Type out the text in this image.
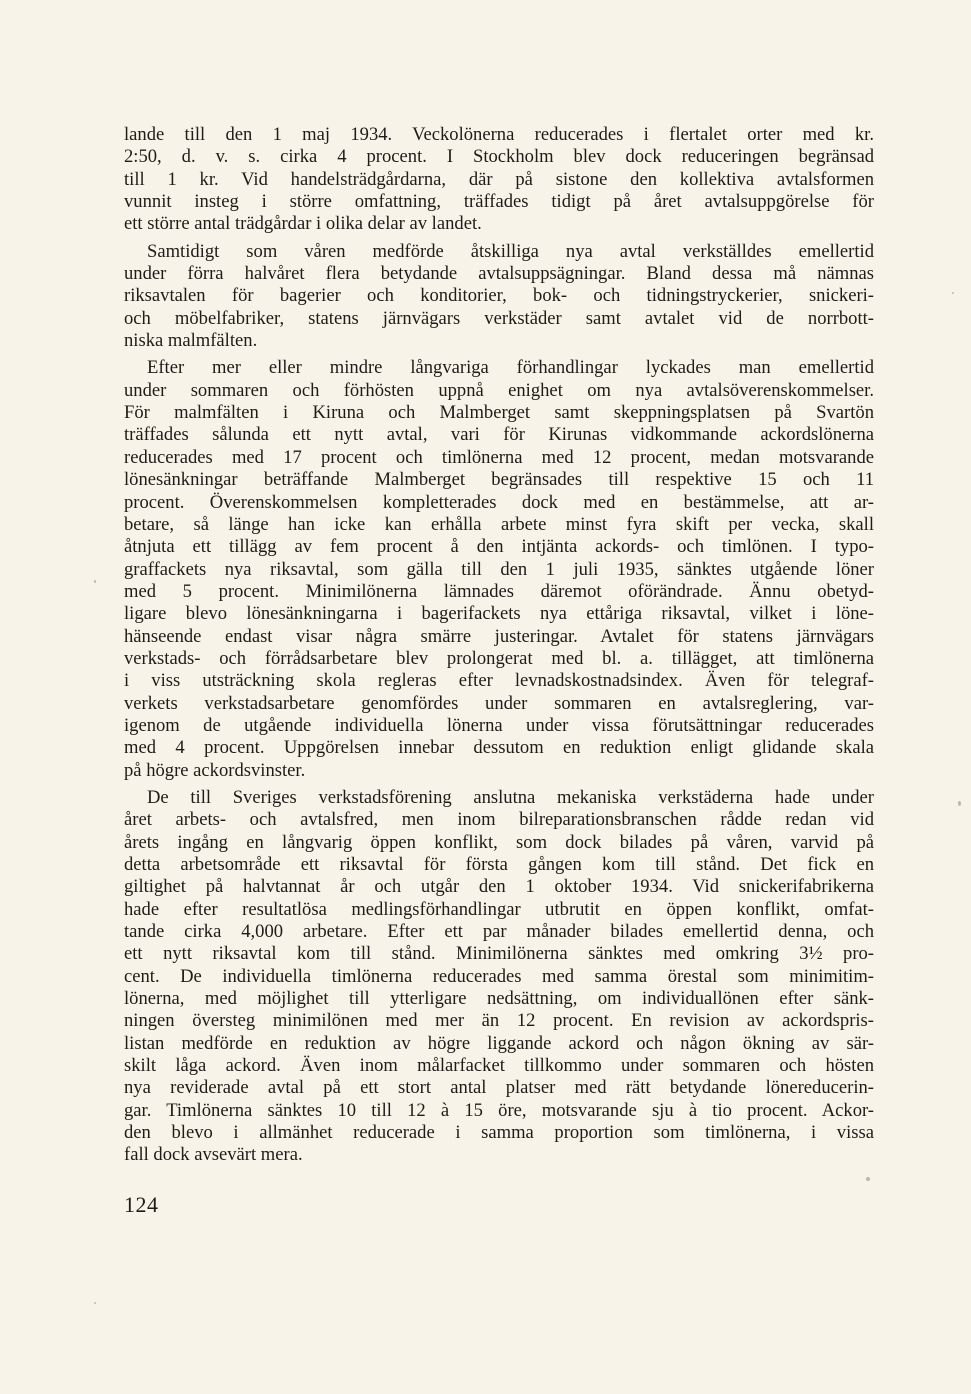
lande till den 1 maj 1934. Veckolönerna reducerades i flertalet orter med kr.
2:50, d. v. s. cirka 4 procent. I Stockholm blev dock reduceringen begränsad
till 1 kr. Vid handelsträdgårdarna, där på sistone den kollektiva avtalsformen
vunnit insteg i större omfattning, träffades tidigt på året avtalsuppgörelse för
ett större antal trädgårdar i olika delar av landet.
Samtidigt som våren medförde åtskilliga nya avtal verkställdes emellertid
under förra halvåret flera betydande avtalsuppsägningar. Bland dessa må nämnas
riksavtalen för bagerier och konditorier, bok- och tidningstryckerier, snickeri-
och möbelfabriker, statens järnvägars verkstäder samt avtalet vid de norrbott-
niska malmfälten.
Efter mer eller mindre långvariga förhandlingar lyckades man emellertid
under sommaren och förhösten uppnå enighet om nya avtalsöverenskommelser.
För malmfälten i Kiruna och Malmberget samt skeppningsplatsen på Svartön
träffades sålunda ett nytt avtal, vari för Kirunas vidkommande ackordslönerna
reducerades med 17 procent och timlönerna med 12 procent, medan motsvarande
lönesänkningar beträffande Malmberget begränsades till respektive 15 och 11
procent. Överenskommelsen kompletterades dock med en bestämmelse, att ar-
betare, så länge han icke kan erhålla arbete minst fyra skift per vecka, skall
åtnjuta ett tillägg av fem procent å den intjänta ackords- och timlönen. I typo-
graffackets nya riksavtal, som gälla till den 1 juli 1935, sänktes utgående löner
med 5 procent. Minimilönerna lämnades däremot oförändrade. Ännu obetyd-
ligare blevo lönesänkningarna i bagerifackets nya ettåriga riksavtal, vilket i löne-
hänseende endast visar några smärre justeringar. Avtalet för statens järnvägars
verkstads- och förrådsarbetare blev prolongerat med bl. a. tillägget, att timlönerna
i viss utsträckning skola regleras efter levnadskostnadsindex. Även för telegraf-
verkets verkstadsarbetare genomfördes under sommaren en avtalsreglering, var-
igenom de utgående individuella lönerna under vissa förutsättningar reducerades
med 4 procent. Uppgörelsen innebar dessutom en reduktion enligt glidande skala
på högre ackordsvinster.
De till Sveriges verkstadsförening anslutna mekaniska verkstäderna hade under
året arbets- och avtalsfred, men inom bilreparationsbranschen rådde redan vid
årets ingång en långvarig öppen konflikt, som dock bilades på våren, varvid på
detta arbetsområde ett riksavtal för första gången kom till stånd. Det fick en
giltighet på halvtannat år och utgår den 1 oktober 1934. Vid snickerifabrikerna
hade efter resultatlösa medlingsförhandlingar utbrutit en öppen konflikt, omfat-
tande cirka 4,000 arbetare. Efter ett par månader bilades emellertid denna, och
ett nytt riksavtal kom till stånd. Minimilönerna sänktes med omkring 3½ pro-
cent. De individuella timlönerna reducerades med samma örestal som minimitim-
lönerna, med möjlighet till ytterligare nedsättning, om individuallönen efter sänk-
ningen översteg minimilönen med mer än 12 procent. En revision av ackordspris-
listan medförde en reduktion av högre liggande ackord och någon ökning av sär-
skilt låga ackord. Även inom målarfacket tillkommo under sommaren och hösten
nya reviderade avtal på ett stort antal platser med rätt betydande lönereducerin-
gar. Timlönerna sänktes 10 till 12 à 15 öre, motsvarande sju à tio procent. Ackor-
den blevo i allmänhet reducerade i samma proportion som timlönerna, i vissa
fall dock avsevärt mera.
124
